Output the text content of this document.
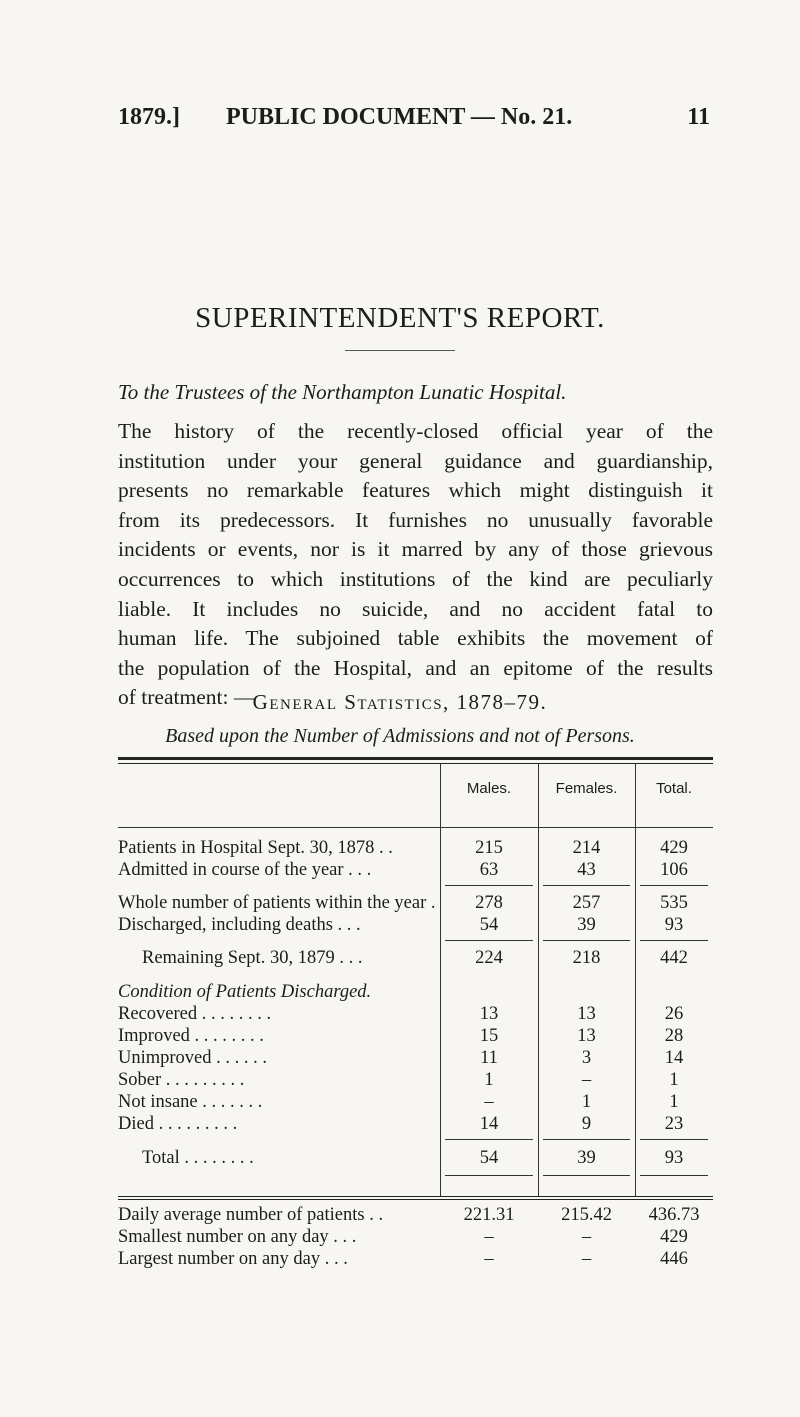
1879.] PUBLIC DOCUMENT — No. 21.	11
SUPERINTENDENT'S REPORT.
To the Trustees of the Northampton Lunatic Hospital.
The history of the recently-closed official year of the
institution under your general guidance and guardianship,
presents no remarkable features which might distinguish it
from its predecessors. It furnishes no unusually favorable
incidents or events, nor is it marred by any of those grievous
occurrences to which institutions of the kind are peculiarly
liable. It includes no suicide, and no accident fatal to
human life. The subjoined table exhibits the movement of
the population of the Hospital, and an epitome of the results
of treatment: —
General Statistics, 1878–79.
Based upon the Number of Admissions and not of Persons.
Males.	Females.	Total.
Patients in Hospital Sept. 30, 1878 . .	215	214	429
Admitted in course of the year . . .	63	43	106
Whole number of patients within the year .	278	257	535
Discharged, including deaths . . .	54	39	93
Remaining Sept. 30, 1879 . . .	224	218	442
Condition of Patients Discharged.
Recovered . . . . . . . .	13	13	26
Improved . . . . . . . .	15	13	28
Unimproved . . . . . .	11	3	14
Sober . . . . . . . . .	1	–	1
Not insane . . . . . . .	–	1	1
Died . . . . . . . . .	14	9	23
Total . . . . . . . .	54	39	93
Daily average number of patients . .	221.31	215.42	436.73
Smallest number on any day . . .	–	–	429
Largest number on any day . . .	–	–	446
